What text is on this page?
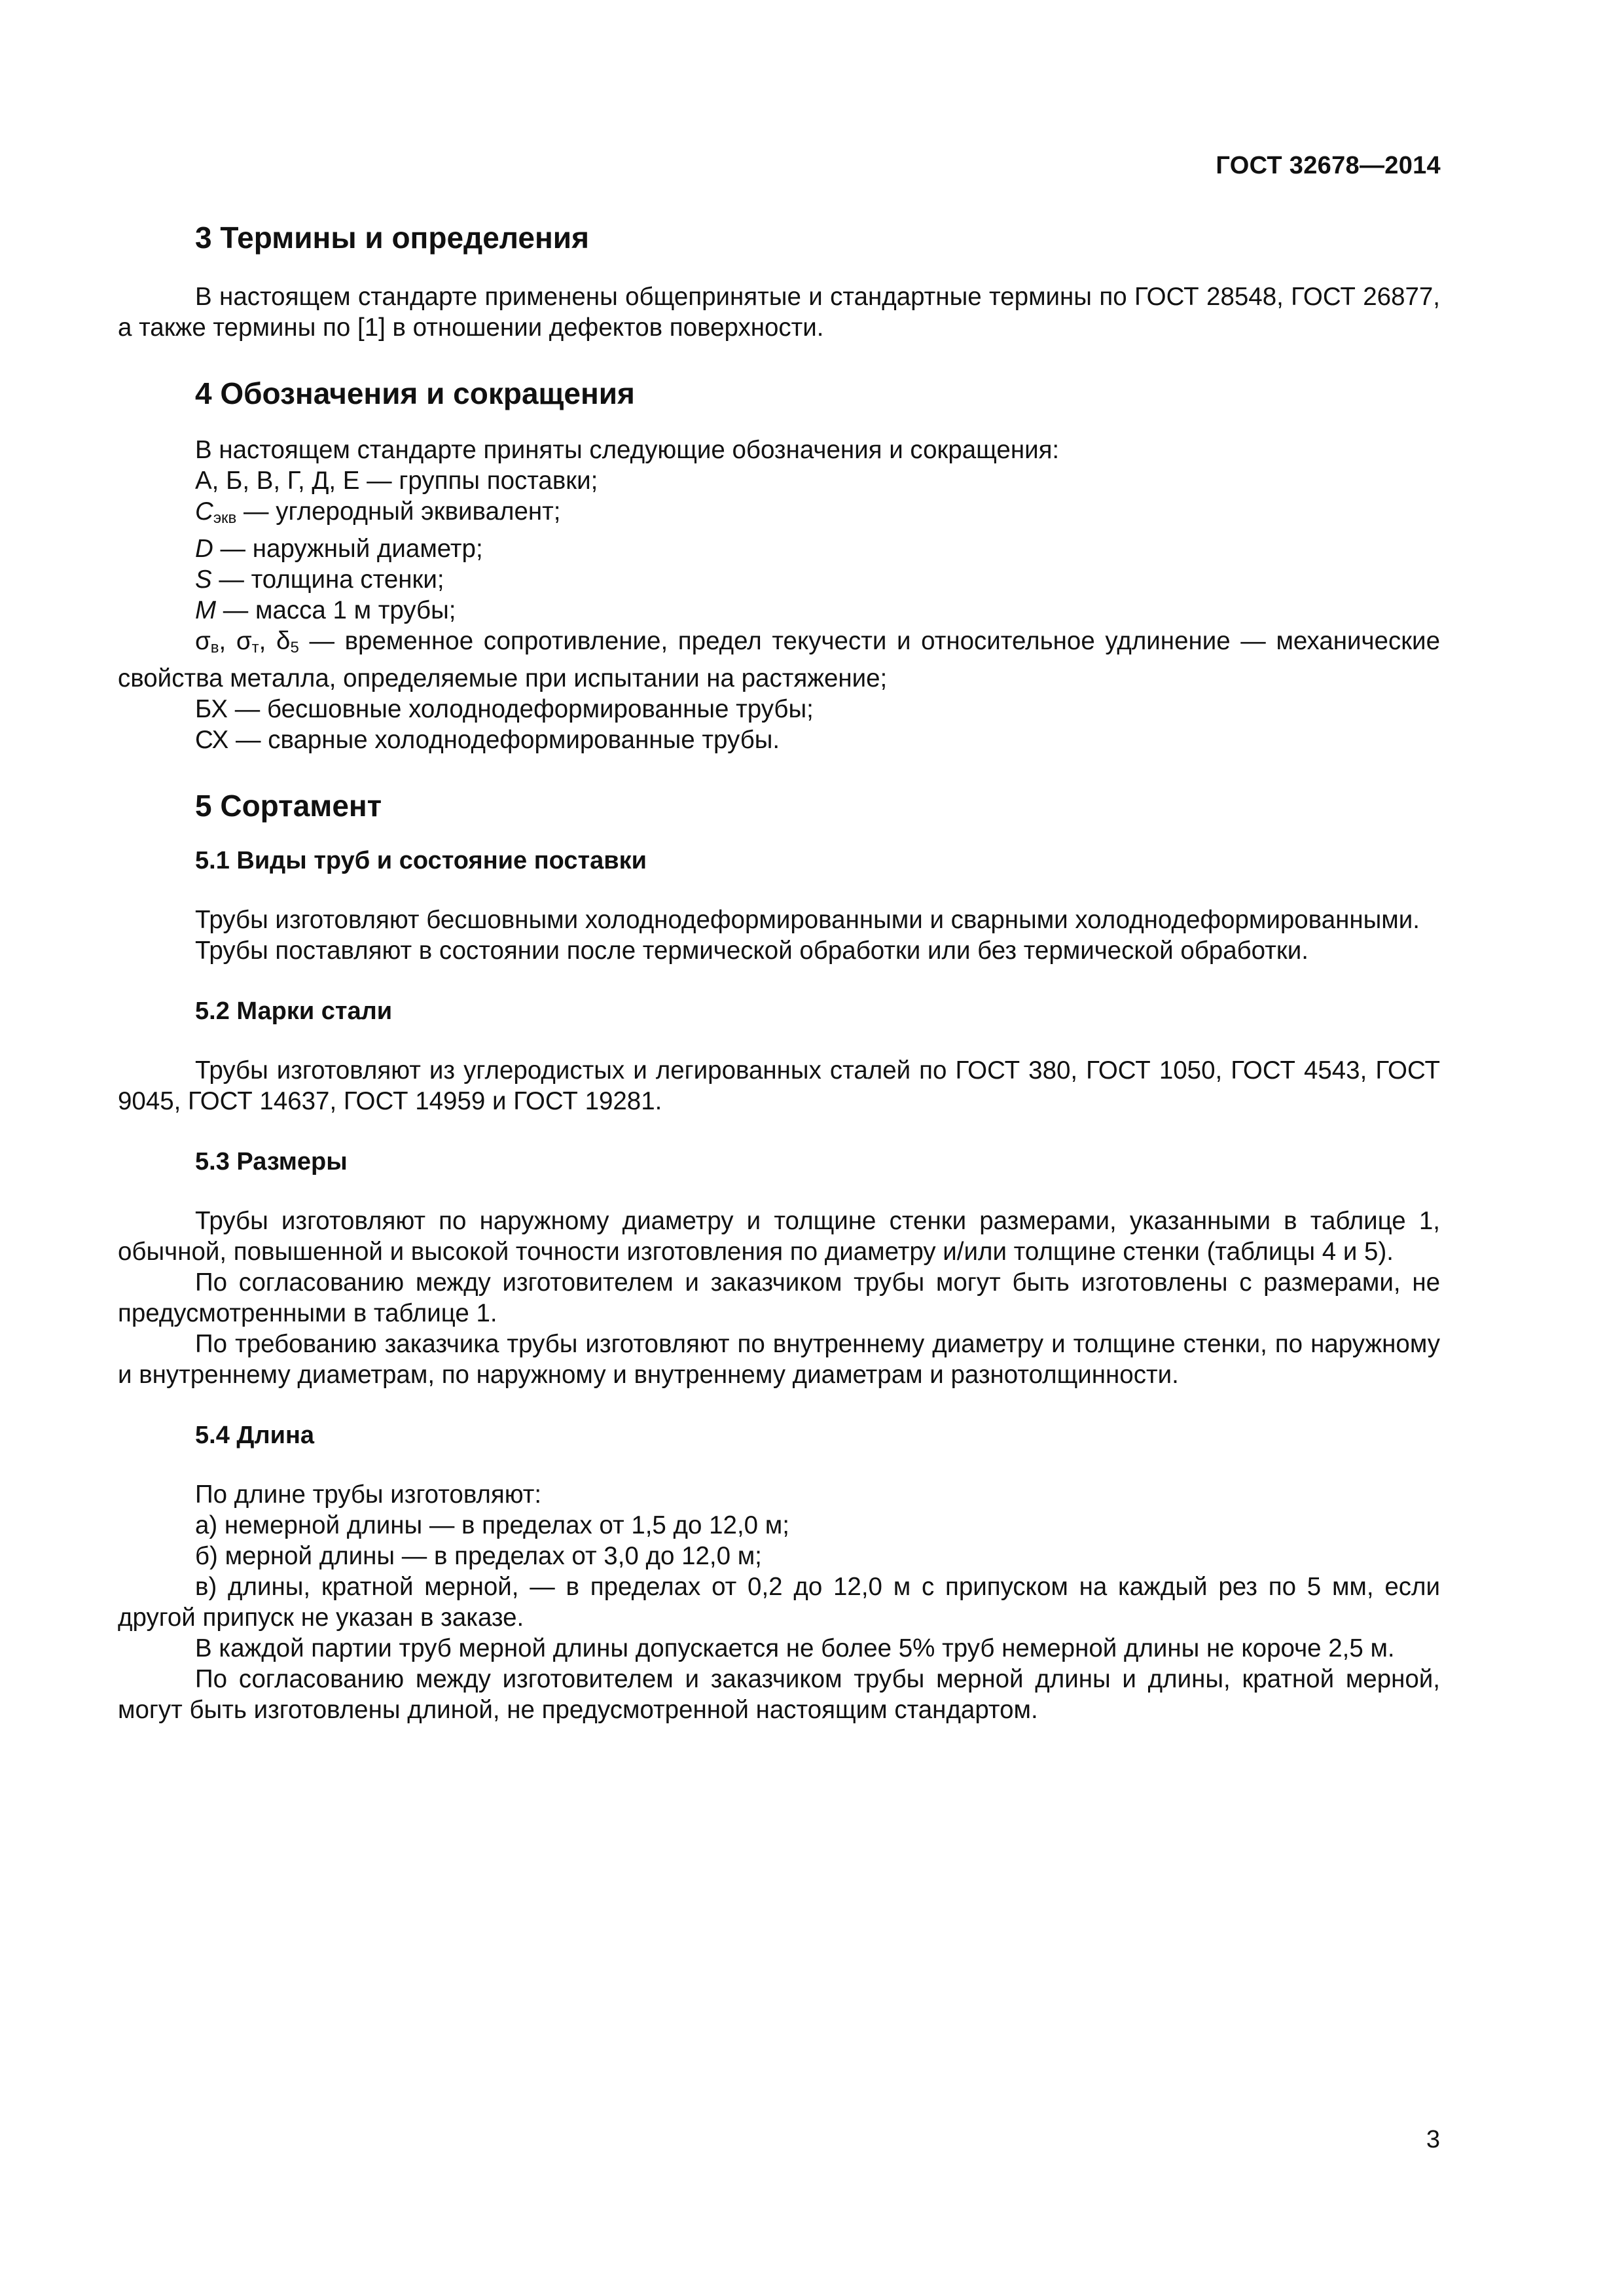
ГОСТ 32678—2014
3 Термины и определения

В настоящем стандарте применены общепринятые и стандартные термины по ГОСТ 28548, ГОСТ 26877, а также термины по [1] в отношении дефектов поверхности.

4 Обозначения и сокращения

В настоящем стандарте приняты следующие обозначения и сокращения:

А, Б, В, Г, Д, Е — группы поставки;

$C_{экв}$ — углеродный эквивалент;

D — наружный диаметр;

S — толщина стенки;

M — масса 1 м трубы;

$\sigma_в$, $\sigma_т$, $\delta_5$ — временное сопротивление, предел текучести и относительное удлинение — механические свойства металла, определяемые при испытании на растяжение;

БХ — бесшовные холоднодеформированные трубы;

СХ — сварные холоднодеформированные трубы.

5 Сортамент
5.1 Виды труб и состояние поставки

Трубы изготовляют бесшовными холоднодеформированными и сварными холоднодеформированными.

Трубы поставляют в состоянии после термической обработки или без термической обработки.

5.2 Марки стали

Трубы изготовляют из углеродистых и легированных сталей по ГОСТ 380, ГОСТ 1050, ГОСТ 4543, ГОСТ 9045, ГОСТ 14637, ГОСТ 14959 и ГОСТ 19281.

5.3 Размеры

Трубы изготовляют по наружному диаметру и толщине стенки размерами, указанными в таблице 1, обычной, повышенной и высокой точности изготовления по диаметру и/или толщине стенки (таблицы 4 и 5).

По согласованию между изготовителем и заказчиком трубы могут быть изготовлены с размерами, не предусмотренными в таблице 1.

По требованию заказчика трубы изготовляют по внутреннему диаметру и толщине стенки, по наружному и внутреннему диаметрам, по наружному и внутреннему диаметрам и разнотолщинности.

5.4 Длина

По длине трубы изготовляют:

а) немерной длины — в пределах от 1,5 до 12,0 м;

б) мерной длины — в пределах от 3,0 до 12,0 м;

в) длины, кратной мерной, — в пределах от 0,2 до 12,0 м с припуском на каждый рез по 5 мм, если другой припуск не указан в заказе.

В каждой партии труб мерной длины допускается не более 5% труб немерной длины не короче 2,5 м.

По согласованию между изготовителем и заказчиком трубы мерной длины и длины, кратной мерной, могут быть изготовлены длиной, не предусмотренной настоящим стандартом.

3
